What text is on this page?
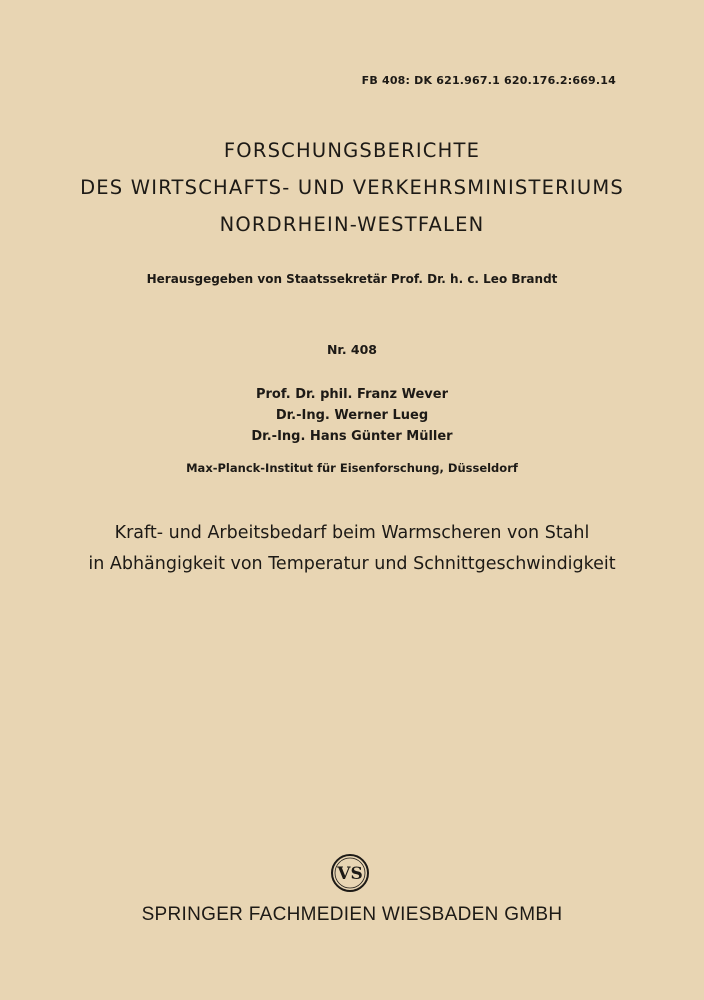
FB 408: DK 621.967.1 620.176.2:669.14
FORSCHUNGSBERICHTE
DES WIRTSCHAFTS- UND VERKEHRSMINISTERIUMS
NORDRHEIN-WESTFALEN
Herausgegeben von Staatssekretär Prof. Dr. h. c. Leo Brandt
Nr. 408
Prof. Dr. phil. Franz Wever
Dr.-Ing. Werner Lueg
Dr.-Ing. Hans Günter Müller
Max-Planck-Institut für Eisenforschung, Düsseldorf
Kraft- und Arbeitsbedarf beim Warmscheren von Stahl
in Abhängigkeit von Temperatur und Schnittgeschwindigkeit
VS
SPRINGER FACHMEDIEN WIESBADEN GMBH
